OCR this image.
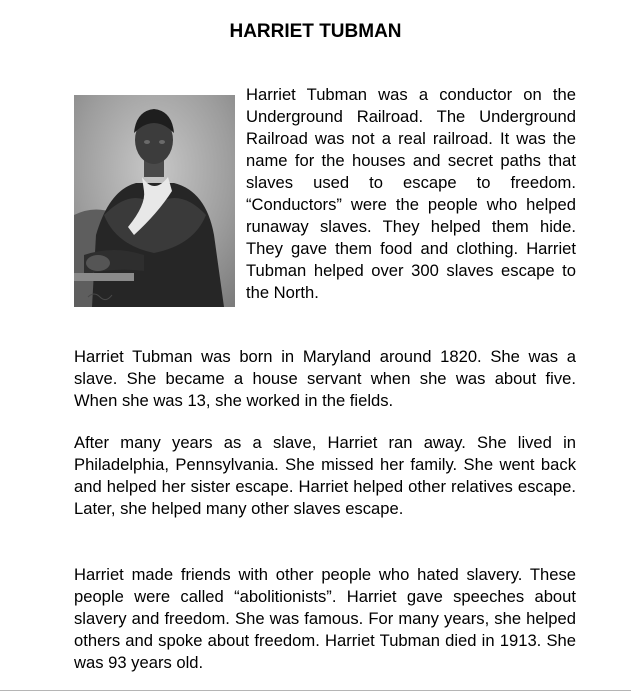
HARRIET TUBMAN
Harriet Tubman was a conductor on the Underground Railroad. The Underground Railroad was not a real railroad. It was the name for the houses and secret paths that slaves used to escape to freedom. “Conductors” were the people who helped runaway slaves. They helped them hide. They gave them food and clothing. Harriet Tubman helped over 300 slaves escape to the North.
Harriet Tubman was born in Maryland around 1820. She was a slave. She became a house servant when she was about five. When she was 13, she worked in the fields.
After many years as a slave, Harriet ran away. She lived in Philadelphia, Pennsylvania. She missed her family. She went back and helped her sister escape. Harriet helped other relatives escape. Later, she helped many other slaves escape.
Harriet made friends with other people who hated slavery. These people were called “abolitionists”. Harriet gave speeches about slavery and freedom. She was famous. For many years, she helped others and spoke about freedom. Harriet Tubman died in 1913. She was 93 years old.
